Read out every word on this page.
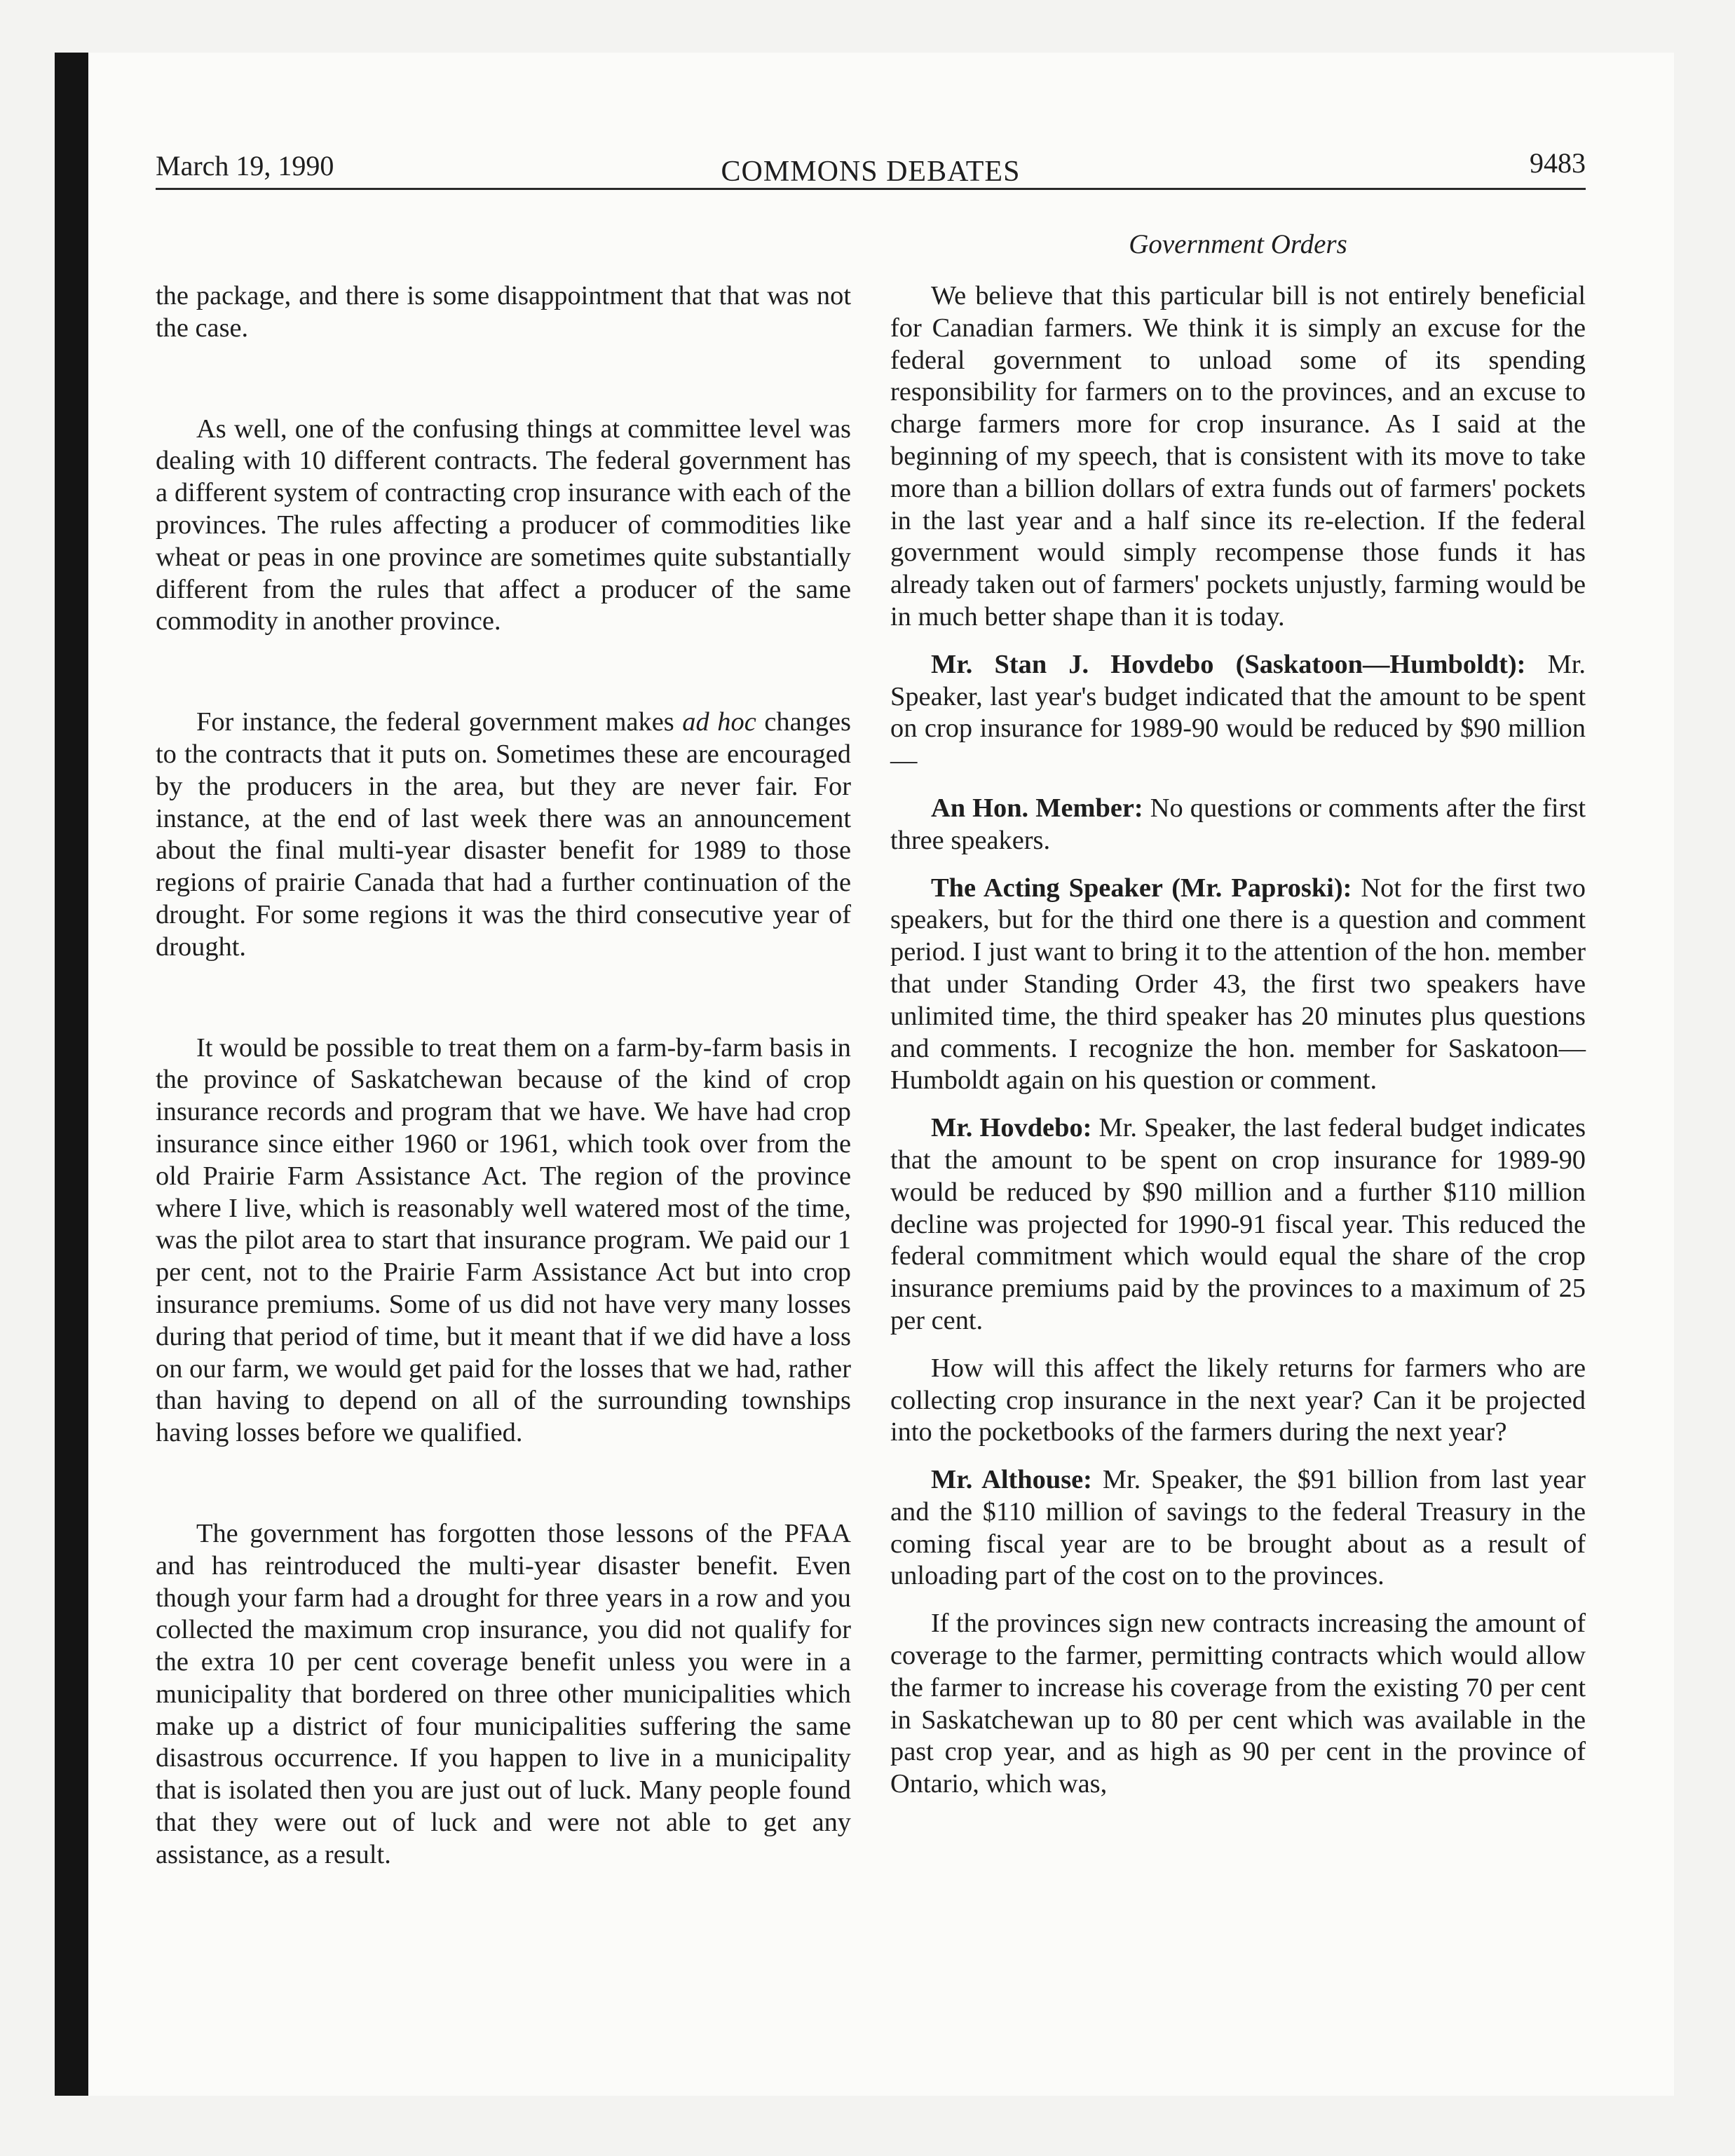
March 19, 1990	COMMONS DEBATES	9483
Government Orders

the package, and there is some disappointment that that was not the case.

As well, one of the confusing things at committee level was dealing with 10 different contracts. The federal government has a different system of contracting crop insurance with each of the provinces. The rules affecting a producer of commodities like wheat or peas in one province are sometimes quite substantially different from the rules that affect a producer of the same commodity in another province.

For instance, the federal government makes ad hoc changes to the contracts that it puts on. Sometimes these are encouraged by the producers in the area, but they are never fair. For instance, at the end of last week there was an announcement about the final multi-year disaster benefit for 1989 to those regions of prairie Canada that had a further continuation of the drought. For some regions it was the third consecutive year of drought.

It would be possible to treat them on a farm-by-farm basis in the province of Saskatchewan because of the kind of crop insurance records and program that we have. We have had crop insurance since either 1960 or 1961, which took over from the old Prairie Farm Assistance Act. The region of the province where I live, which is reasonably well watered most of the time, was the pilot area to start that insurance program. We paid our 1 per cent, not to the Prairie Farm Assistance Act but into crop insurance premiums. Some of us did not have very many losses during that period of time, but it meant that if we did have a loss on our farm, we would get paid for the losses that we had, rather than having to depend on all of the surrounding townships having losses before we qualified.

The government has forgotten those lessons of the PFAA and has reintroduced the multi-year disaster benefit. Even though your farm had a drought for three years in a row and you collected the maximum crop insurance, you did not qualify for the extra 10 per cent coverage benefit unless you were in a municipality that bordered on three other municipalities which make up a district of four municipalities suffering the same disastrous occurrence. If you happen to live in a municipality that is isolated then you are just out of luck. Many people found that they were out of luck and were not able to get any assistance, as a result.

We believe that this particular bill is not entirely beneficial for Canadian farmers. We think it is simply an excuse for the federal government to unload some of its spending responsibility for farmers on to the provinces, and an excuse to charge farmers more for crop insurance. As I said at the beginning of my speech, that is consistent with its move to take more than a billion dollars of extra funds out of farmers' pockets in the last year and a half since its re-election. If the federal government would simply recompense those funds it has already taken out of farmers' pockets unjustly, farming would be in much better shape than it is today.

Mr. Stan J. Hovdebo (Saskatoon—Humboldt): Mr. Speaker, last year's budget indicated that the amount to be spent on crop insurance for 1989-90 would be reduced by $90 million—

An Hon. Member: No questions or comments after the first three speakers.

The Acting Speaker (Mr. Paproski): Not for the first two speakers, but for the third one there is a question and comment period. I just want to bring it to the attention of the hon. member that under Standing Order 43, the first two speakers have unlimited time, the third speaker has 20 minutes plus questions and comments. I recognize the hon. member for Saskatoon—Humboldt again on his question or comment.

Mr. Hovdebo: Mr. Speaker, the last federal budget indicates that the amount to be spent on crop insurance for 1989-90 would be reduced by $90 million and a further $110 million decline was projected for 1990-91 fiscal year. This reduced the federal commitment which would equal the share of the crop insurance premiums paid by the provinces to a maximum of 25 per cent.

How will this affect the likely returns for farmers who are collecting crop insurance in the next year? Can it be projected into the pocketbooks of the farmers during the next year?

Mr. Althouse: Mr. Speaker, the $91 billion from last year and the $110 million of savings to the federal Treasury in the coming fiscal year are to be brought about as a result of unloading part of the cost on to the provinces.

If the provinces sign new contracts increasing the amount of coverage to the farmer, permitting contracts which would allow the farmer to increase his coverage from the existing 70 per cent in Saskatchewan up to 80 per cent which was available in the past crop year, and as high as 90 per cent in the province of Ontario, which was,
